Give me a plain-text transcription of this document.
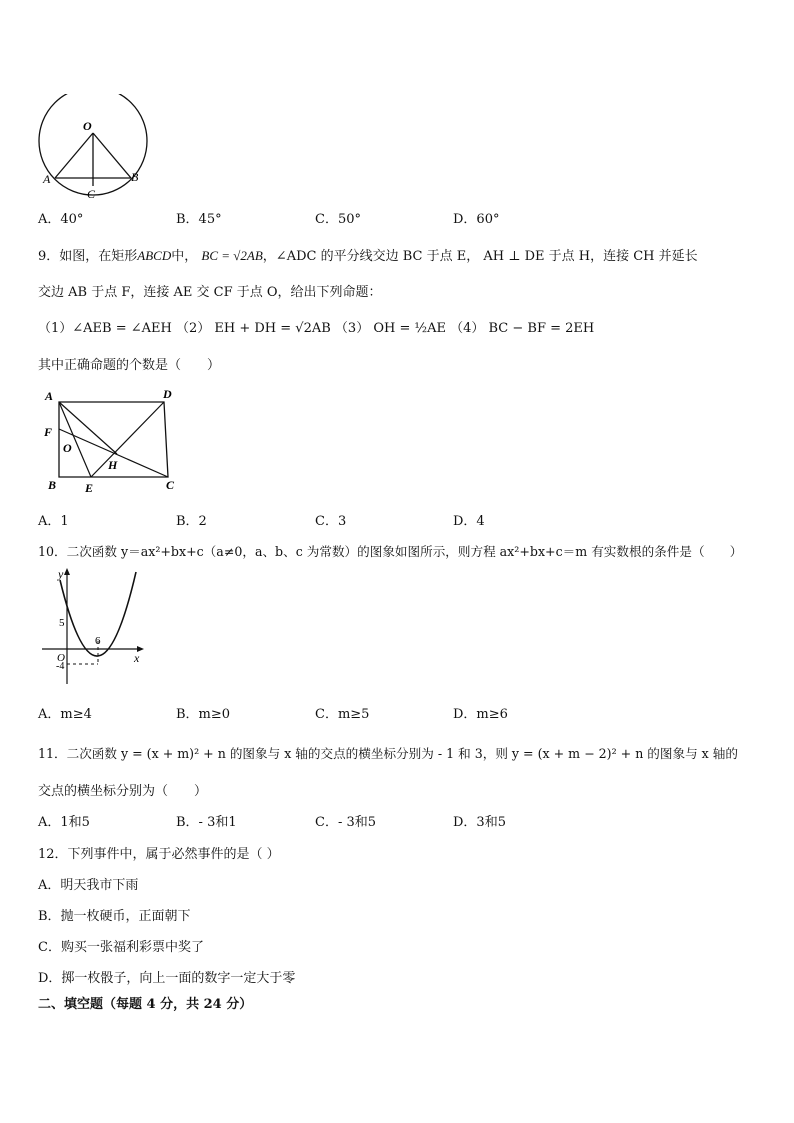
O
A	B
C
A．40°	B．45°	C．50°	D．60°
9．如图，在矩形ABCD中， BC = √2AB，∠ADC 的平分线交边 BC 于点 E， AH ⊥ DE 于点 H，连接 CH 并延长
交边 AB 于点 F，连接 AE 交 CF 于点 O，给出下列命题：
（1）∠AEB = ∠AEH （2） EH + DH = √2AB （3） OH = ½AE （4） BC − BF = 2EH
其中正确命题的个数是（　　）
A	D
F
O
H
B E	C
A．1	B．2	C．3	D．4
10．二次函数 y＝ax²+bx+c（a≠0，a、b、c 为常数）的图象如图所示，则方程 ax²+bx+c＝m 有实数根的条件是（　　）
y
x
O
5
6
-4
A．m≥4	B．m≥0	C．m≥5	D．m≥6
11．二次函数 y = (x + m)² + n 的图象与 x 轴的交点的横坐标分别为 - 1 和 3，则 y = (x + m − 2)² + n 的图象与 x 轴的
交点的横坐标分别为（　　）
A．1和5	B．- 3和1	C．- 3和5	D．3和5
12．下列事件中，属于必然事件的是（ ）
A．明天我市下雨
B．抛一枚硬币，正面朝下
C．购买一张福利彩票中奖了
D．掷一枚骰子，向上一面的数字一定大于零
二、填空题（每题 4 分，共 24 分）
